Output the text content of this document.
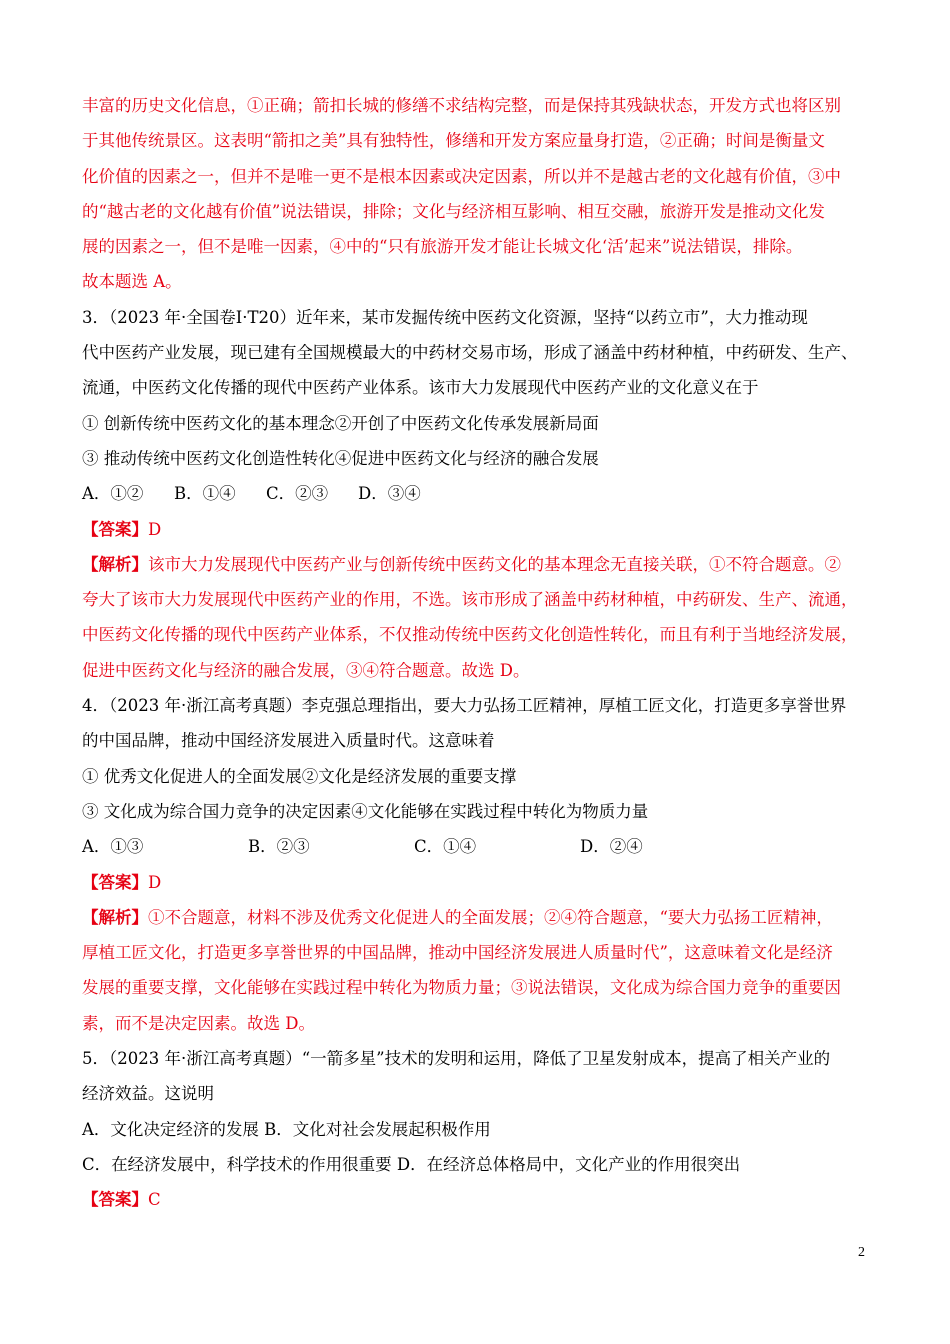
丰富的历史文化信息，①正确；箭扣长城的修缮不求结构完整，而是保持其残缺状态，开发方式也将区别
于其他传统景区。这表明“箭扣之美”具有独特性，修缮和开发方案应量身打造，②正确；时间是衡量文
化价值的因素之一，但并不是唯一更不是根本因素或决定因素，所以并不是越古老的文化越有价值，③中
的“越古老的文化越有价值”说法错误，排除；文化与经济相互影响、相互交融，旅游开发是推动文化发
展的因素之一，但不是唯一因素，④中的“只有旅游开发才能让长城文化‘活’起来”说法错误，排除。
故本题选 A。
3．（2023 年·全国卷Ⅰ·T20）近年来，某市发掘传统中医药文化资源，坚持“以药立市”，大力推动现
代中医药产业发展，现已建有全国规模最大的中药材交易市场，形成了涵盖中药材种植，中药研发、生产、
流通，中医药文化传播的现代中医药产业体系。该市大力发展现代中医药产业的文化意义在于
① 创新传统中医药文化的基本理念②开创了中医药文化传承发展新局面
③ 推动传统中医药文化创造性转化④促进中医药文化与经济的融合发展
A．①② B．①④ C．②③ D．③④
【答案】D
【解析】该市大力发展现代中医药产业与创新传统中医药文化的基本理念无直接关联，①不符合题意。②
夸大了该市大力发展现代中医药产业的作用，不选。该市形成了涵盖中药材种植，中药研发、生产、流通，
中医药文化传播的现代中医药产业体系，不仅推动传统中医药文化创造性转化，而且有利于当地经济发展，
促进中医药文化与经济的融合发展，③④符合题意。故选 D。
4．（2023 年·浙江高考真题）李克强总理指出，要大力弘扬工匠精神，厚植工匠文化，打造更多享誉世界
的中国品牌，推动中国经济发展进入质量时代。这意味着
① 优秀文化促进人的全面发展②文化是经济发展的重要支撑
③ 文化成为综合国力竞争的决定因素④文化能够在实践过程中转化为物质力量
A．①③	B．②③	C．①④	D．②④
【答案】D
【解析】①不合题意，材料不涉及优秀文化促进人的全面发展；②④符合题意，“要大力弘扬工匠精神，
厚植工匠文化，打造更多享誉世界的中国品牌，推动中国经济发展进人质量时代”，这意味着文化是经济
发展的重要支撑，文化能够在实践过程中转化为物质力量；③说法错误，文化成为综合国力竞争的重要因
素，而不是决定因素。故选 D。
5．（2023 年·浙江高考真题）“一箭多星”技术的发明和运用，降低了卫星发射成本，提高了相关产业的
经济效益。这说明
A．文化决定经济的发展 B．文化对社会发展起积极作用
C．在经济发展中，科学技术的作用很重要 D．在经济总体格局中，文化产业的作用很突出
【答案】C
2
